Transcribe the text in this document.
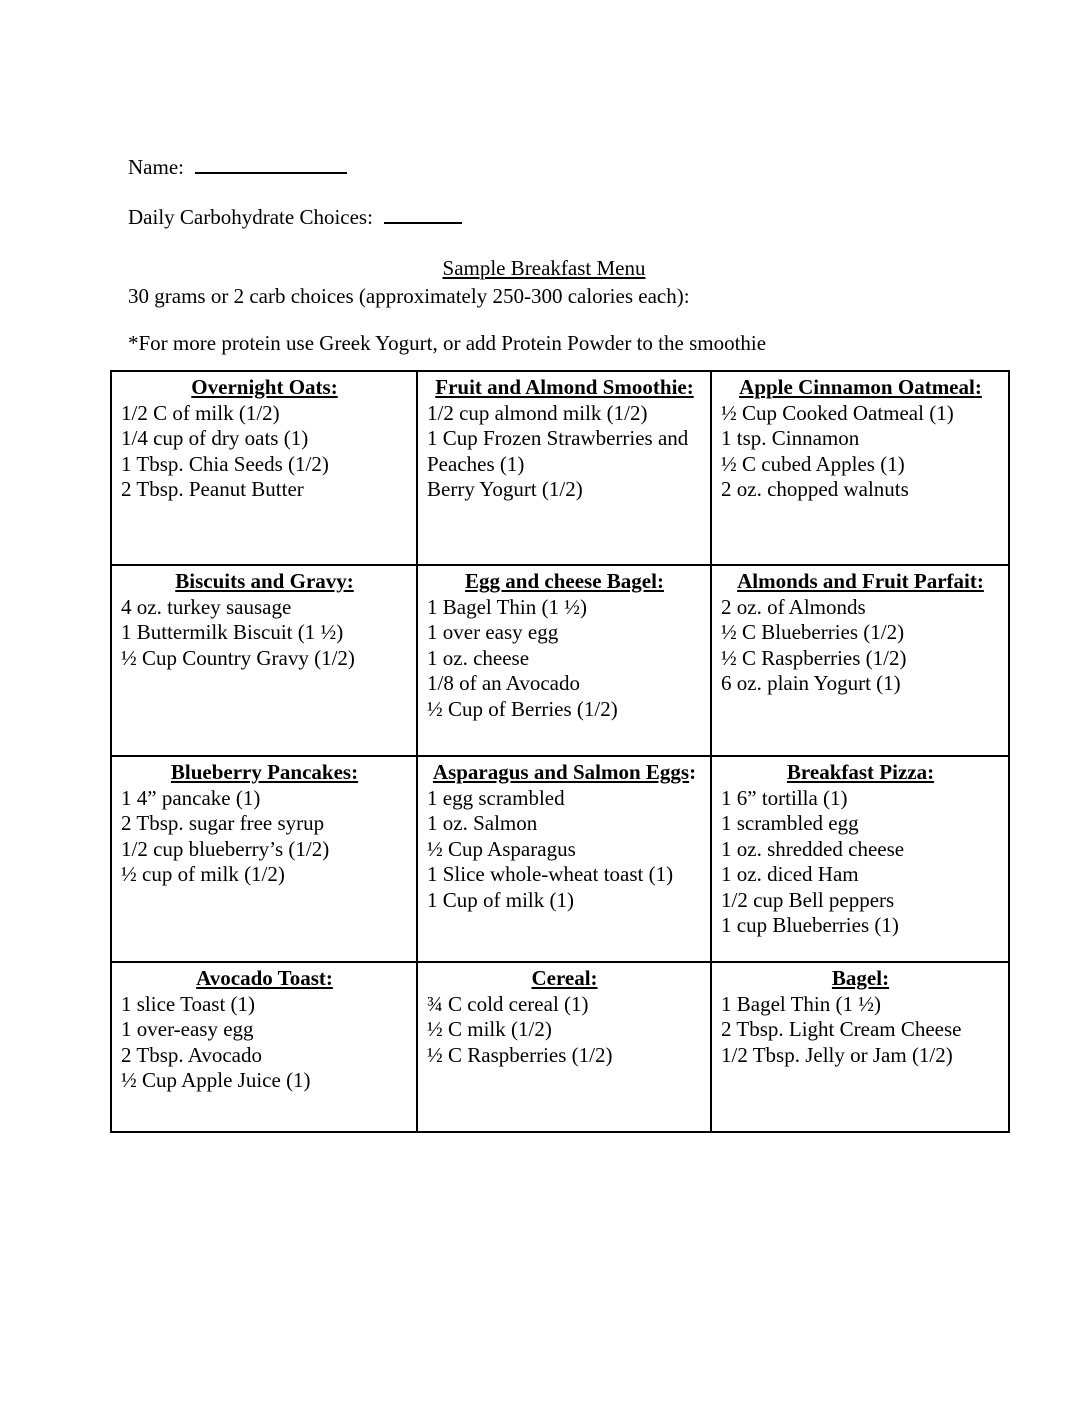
Name:
Daily Carbohydrate Choices:
Sample Breakfast Menu
30 grams or 2 carb choices (approximately 250-300 calories each):
*For more protein use Greek Yogurt, or add Protein Powder to the smoothie
Overnight Oats:
1/2 C of milk (1/2)
1/4 cup of dry oats (1)
1 Tbsp. Chia Seeds (1/2)
2 Tbsp. Peanut Butter
Fruit and Almond Smoothie:
1/2 cup almond milk (1/2)
1 Cup Frozen Strawberries and Peaches (1)
Berry Yogurt (1/2)
Apple Cinnamon Oatmeal:
½ Cup Cooked Oatmeal (1)
1 tsp. Cinnamon
½ C cubed Apples (1)
2 oz. chopped walnuts
Biscuits and Gravy:
4 oz. turkey sausage
1 Buttermilk Biscuit (1 ½)
½ Cup Country Gravy (1/2)
Egg and cheese Bagel:
1 Bagel Thin (1 ½)
1 over easy egg
1 oz. cheese
1/8 of an Avocado
½ Cup of Berries (1/2)
Almonds and Fruit Parfait:
2 oz. of Almonds
½ C Blueberries (1/2)
½ C Raspberries (1/2)
6 oz. plain Yogurt (1)
Blueberry Pancakes:
1 4” pancake (1)
2 Tbsp. sugar free syrup
1/2 cup blueberry’s (1/2)
½ cup of milk (1/2)
Asparagus and Salmon Eggs:
1 egg scrambled
1 oz. Salmon
½ Cup Asparagus
1 Slice whole-wheat toast (1)
1 Cup of milk (1)
Breakfast Pizza:
1 6” tortilla (1)
1 scrambled egg
1 oz. shredded cheese
1 oz. diced Ham
1/2 cup Bell peppers
1 cup Blueberries (1)
Avocado Toast:
1 slice Toast (1)
1 over-easy egg
2 Tbsp. Avocado
½ Cup Apple Juice (1)
Cereal:
¾ C cold cereal (1)
½ C milk (1/2)
½ C Raspberries (1/2)
Bagel:
1 Bagel Thin (1 ½)
2 Tbsp. Light Cream Cheese
1/2 Tbsp. Jelly or Jam (1/2)
